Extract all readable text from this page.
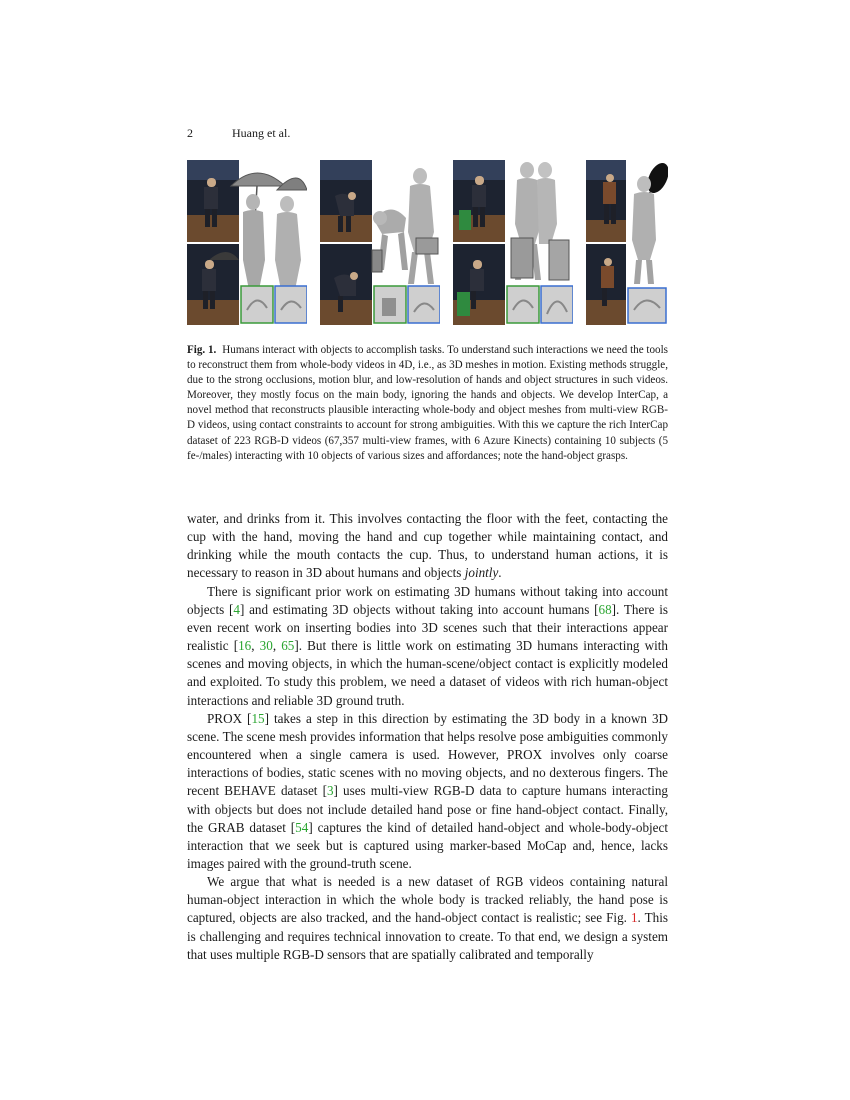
2	Huang et al.
Fig. 1. Humans interact with objects to accomplish tasks. To understand such interactions we need the tools to reconstruct them from whole-body videos in 4D, i.e., as 3D meshes in motion. Existing methods struggle, due to the strong occlusions, motion blur, and low-resolution of hands and object structures in such videos. Moreover, they mostly focus on the main body, ignoring the hands and objects. We develop InterCap, a novel method that reconstructs plausible interacting whole-body and object meshes from multi-view RGB-D videos, using contact constraints to account for strong ambiguities. With this we capture the rich InterCap dataset of 223 RGB-D videos (67,357 multi-view frames, with 6 Azure Kinects) containing 10 subjects (5 fe-/males) interacting with 10 objects of various sizes and affordances; note the hand-object grasps.

water, and drinks from it. This involves contacting the floor with the feet, contacting the cup with the hand, moving the hand and cup together while maintaining contact, and drinking while the mouth contacts the cup. Thus, to understand human actions, it is necessary to reason in 3D about humans and objects jointly.

There is significant prior work on estimating 3D humans without taking into account objects [4] and estimating 3D objects without taking into account humans [68]. There is even recent work on inserting bodies into 3D scenes such that their interactions appear realistic [16, 30, 65]. But there is little work on estimating 3D humans interacting with scenes and moving objects, in which the human-scene/object contact is explicitly modeled and exploited. To study this problem, we need a dataset of videos with rich human-object interactions and reliable 3D ground truth.

PROX [15] takes a step in this direction by estimating the 3D body in a known 3D scene. The scene mesh provides information that helps resolve pose ambiguities commonly encountered when a single camera is used. However, PROX involves only coarse interactions of bodies, static scenes with no moving objects, and no dexterous fingers. The recent BEHAVE dataset [3] uses multi-view RGB-D data to capture humans interacting with objects but does not include detailed hand pose or fine hand-object contact. Finally, the GRAB dataset [54] captures the kind of detailed hand-object and whole-body-object interaction that we seek but is captured using marker-based MoCap and, hence, lacks images paired with the ground-truth scene.

We argue that what is needed is a new dataset of RGB videos containing natural human-object interaction in which the whole body is tracked reliably, the hand pose is captured, objects are also tracked, and the hand-object contact is realistic; see Fig. 1. This is challenging and requires technical innovation to create. To that end, we design a system that uses multiple RGB-D sensors that are spatially calibrated and temporally
